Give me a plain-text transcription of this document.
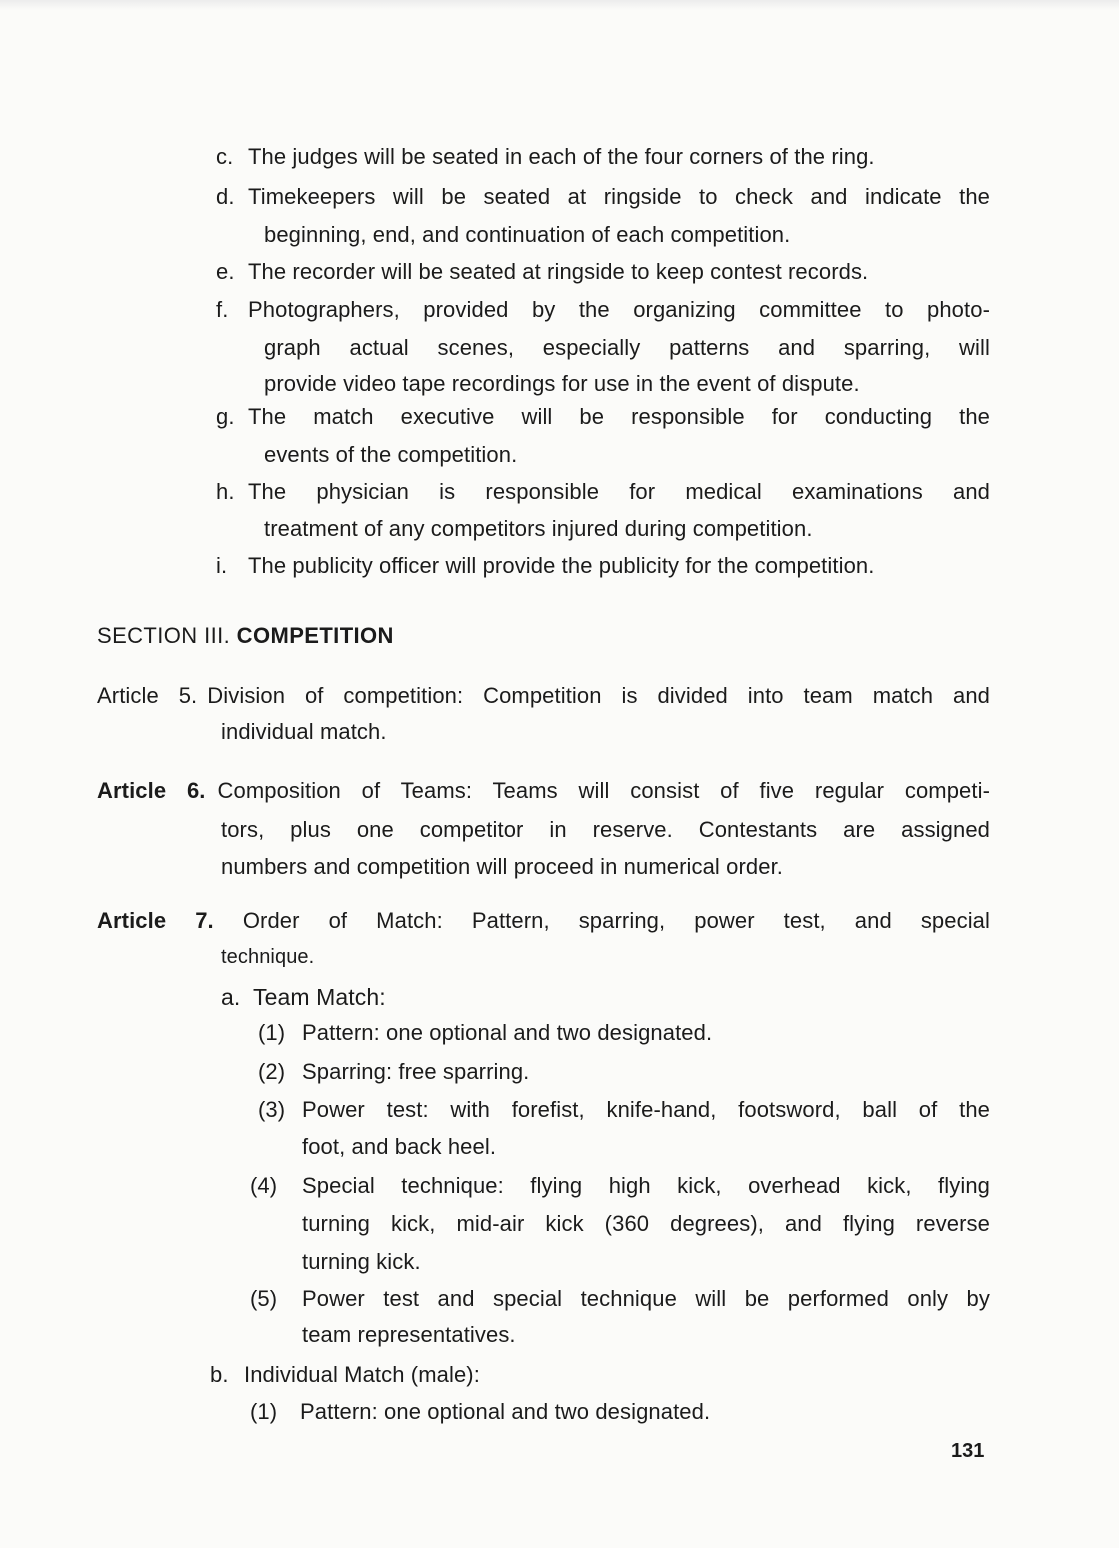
c. The judges will be seated in each of the four corners of the ring.
d. Timekeepers will be seated at ringside to check and indicate the
beginning, end, and continuation of each competition.
e. The recorder will be seated at ringside to keep contest records.
f. Photographers, provided by the organizing committee to photo-
graph actual scenes, especially patterns and sparring, will
provide video tape recordings for use in the event of dispute.
g. The match executive will be responsible for conducting the
events of the competition.
h. The physician is responsible for medical examinations and
treatment of any competitors injured during competition.
i. The publicity officer will provide the publicity for the competition.
SECTION III. COMPETITION
Article 5. Division of competition: Competition is divided into team match and
individual match.
Article 6. Composition of Teams: Teams will consist of five regular competi-
tors, plus one competitor in reserve. Contestants are assigned
numbers and competition will proceed in numerical order.
Article 7. Order of Match: Pattern, sparring, power test, and special
technique.
a. Team Match:
(1) Pattern: one optional and two designated.
(2) Sparring: free sparring.
(3) Power test: with forefist, knife-hand, footsword, ball of the
foot, and back heel.
(4) Special technique: flying high kick, overhead kick, flying
turning kick, mid-air kick (360 degrees), and flying reverse
turning kick.
(5) Power test and special technique will be performed only by
team representatives.
b. Individual Match (male):
(1) Pattern: one optional and two designated.
131
